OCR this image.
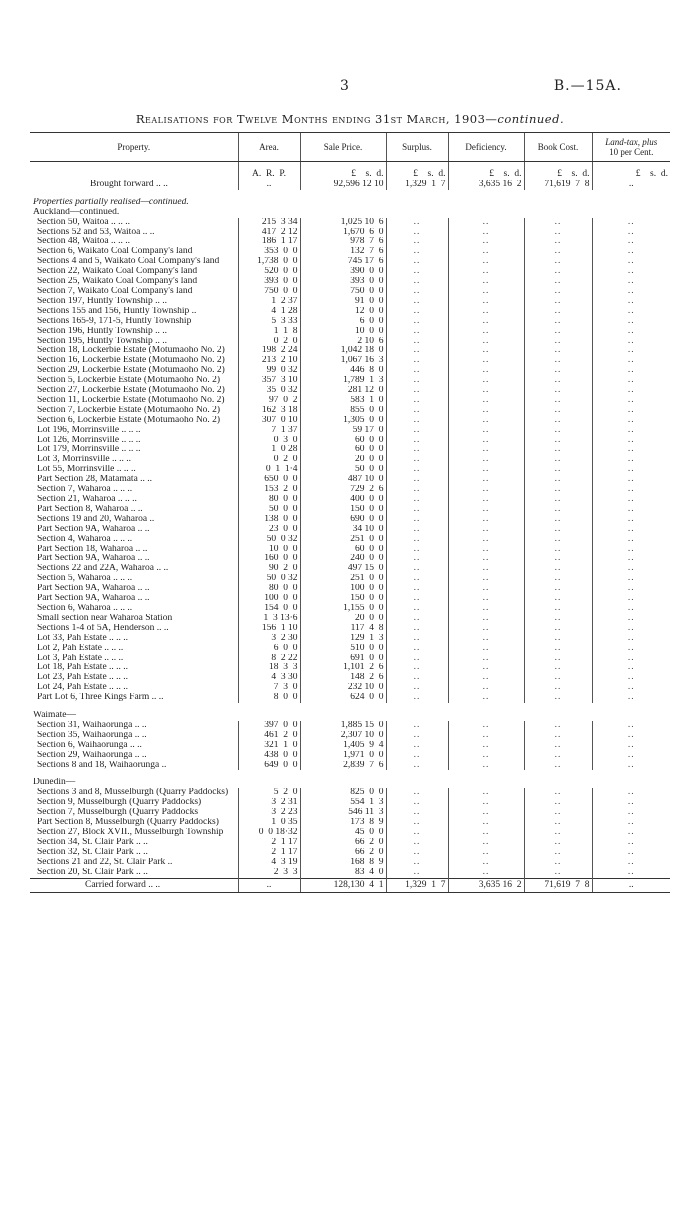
3	B.—15A.
Realisations for Twelve Months ending 31st March, 1903—continued.
Property.	Area.	Sale Price.	Surplus.	Deficiency.	Book Cost.	Land-tax, plus
10 per Cent.
	A.  R.  P.	£    s.  d.	£    s.  d.	£    s.  d.	£    s.  d.	£    s.  d.
Brought forward .. ..	..	92,596 12 10	1,329  1  7	3,635 16  2	71,619  7  8	..

Properties partially realised—continued.						
Auckland—continued.						
Section 50, Waitoa .. .. ..	215  3 34	1,025 10  6	..	..	..	..
Sections 52 and 53, Waitoa .. ..	417  2 12	1,670  6  0	..	..	..	..
Section 48, Waitoa .. .. ..	186  1 17	978  7  6	..	..	..	..
Section 6, Waikato Coal Company's land	353  0  0	132  7  6	..	..	..	..
Sections 4 and 5, Waikato Coal Company's land	1,738  0  0	745 17  6	..	..	..	..
Section 22, Waikato Coal Company's land	520  0  0	390  0  0	..	..	..	..
Section 25, Waikato Coal Company's land	393  0  0	393  0  0	..	..	..	..
Section 7, Waikato Coal Company's land	750  0  0	750  0  0	..	..	..	..
Section 197, Huntly Township .. ..	1  2 37	91  0  0	..	..	..	..
Sections 155 and 156, Huntly Township ..	4  1 28	12  0  0	..	..	..	..
Sections 165-9, 171-5, Huntly Township	5  3 33	6  0  0	..	..	..	..
Section 196, Huntly Township .. ..	1  1  8	10  0  0	..	..	..	..
Section 195, Huntly Township .. ..	0  2  0	2 10  6	..	..	..	..
Section 18, Lockerbie Estate (Motumaoho No. 2)	198  2 24	1,042 18  0	..	..	..	..
Section 16, Lockerbie Estate (Motumaoho No. 2)	213  2 10	1,067 16  3	..	..	..	..
Section 29, Lockerbie Estate (Motumaoho No. 2)	99  0 32	446  8  0	..	..	..	..
Section 5, Lockerbie Estate (Motumaoho No. 2)	357  3 10	1,789  1  3	..	..	..	..
Section 27, Lockerbie Estate (Motumaoho No. 2)	35  0 32	281 12  0	..	..	..	..
Section 11, Lockerbie Estate (Motumaoho No. 2)	97  0  2	583  1  0	..	..	..	..
Section 7, Lockerbie Estate (Motumaoho No. 2)	162  3 18	855  0  0	..	..	..	..
Section 6, Lockerbie Estate (Motumaoho No. 2)	307  0 10	1,305  0  0	..	..	..	..
Lot 196, Morrinsville .. .. ..	7  1 37	59 17  0	..	..	..	..
Lot 126, Morrinsville .. .. ..	0  3  0	60  0  0	..	..	..	..
Lot 179, Morrinsville .. .. ..	1  0 28	60  0  0	..	..	..	..
Lot 3, Morrinsville .. .. ..	0  2  0	20  0  0	..	..	..	..
Lot 55, Morrinsville .. .. ..	0  1  1·4	50  0  0	..	..	..	..
Part Section 28, Matamata .. ..	650  0  0	487 10  0	..	..	..	..
Section 7, Waharoa .. .. ..	153  2  0	729  2  6	..	..	..	..
Section 21, Waharoa .. .. ..	80  0  0	400  0  0	..	..	..	..
Part Section 8, Waharoa .. ..	50  0  0	150  0  0	..	..	..	..
Sections 19 and 20, Waharoa ..	138  0  0	690  0  0	..	..	..	..
Part Section 9A, Waharoa .. ..	23  0  0	34 10  0	..	..	..	..
Section 4, Waharoa .. .. ..	50  0 32	251  0  0	..	..	..	..
Part Section 18, Waharoa .. ..	10  0  0	60  0  0	..	..	..	..
Part Section 9A, Waharoa .. ..	160  0  0	240  0  0	..	..	..	..
Sections 22 and 22A, Waharoa .. ..	90  2  0	497 15  0	..	..	..	..
Section 5, Waharoa .. .. ..	50  0 32	251  0  0	..	..	..	..
Part Section 9A, Waharoa .. ..	80  0  0	100  0  0	..	..	..	..
Part Section 9A, Waharoa .. ..	100  0  0	150  0  0	..	..	..	..
Section 6, Waharoa .. .. ..	154  0  0	1,155  0  0	..	..	..	..
Small section near Waharoa Station	1  3 13·6	20  0  0	..	..	..	..
Sections 1-4 of 5A, Henderson .. ..	156  1 10	117  4  8	..	..	..	..
Lot 33, Pah Estate .. .. ..	3  2 30	129  1  3	..	..	..	..
Lot 2, Pah Estate .. .. ..	6  0  0	510  0  0	..	..	..	..
Lot 3, Pah Estate .. .. ..	8  2 22	691  0  0	..	..	..	..
Lot 18, Pah Estate .. .. ..	18  3  3	1,101  2  6	..	..	..	..
Lot 23, Pah Estate .. .. ..	4  3 30	148  2  6	..	..	..	..
Lot 24, Pah Estate .. .. ..	7  3  0	232 10  0	..	..	..	..
Part Lot 6, Three Kings Farm .. ..	8  0  0	624  0  0	..	..	..	..

Waimate—						
Section 31, Waihaorunga .. ..	397  0  0	1,885 15  0	..	..	..	..
Section 35, Waihaorunga .. ..	461  2  0	2,307 10  0	..	..	..	..
Section 6, Waihaorunga .. ..	321  1  0	1,405  9  4	..	..	..	..
Section 29, Waihaorunga .. ..	438  0  0	1,971  0  0	..	..	..	..
Sections 8 and 18, Waihaorunga ..	649  0  0	2,839  7  6	..	..	..	..

Dunedin—						
Sections 3 and 8, Musselburgh (Quarry Paddocks)	5  2  0	825  0  0	..	..	..	..
Section 9, Musselburgh (Quarry Paddocks)	3  2 31	554  1  3	..	..	..	..
Section 7, Musselburgh (Quarry Paddocks	3  2 23	546 11  3	..	..	..	..
Part Section 8, Musselburgh (Quarry Paddocks)	1  0 35	173  8  9	..	..	..	..
Section 27, Block XVII., Musselburgh Township	0  0 18·32	45  0  0	..	..	..	..
Section 34, St. Clair Park .. ..	2  1 17	66  2  0	..	..	..	..
Section 32, St. Clair Park .. ..	2  1 17	66  2  0	..	..	..	..
Sections 21 and 22, St. Clair Park ..	4  3 19	168  8  9	..	..	..	..
Section 20, St. Clair Park .. ..	2  3  3	83  4  0	..	..	..	..
Carried forward .. ..	..	128,130  4  1	1,329  1  7	3,635 16  2	71,619  7  8	..
